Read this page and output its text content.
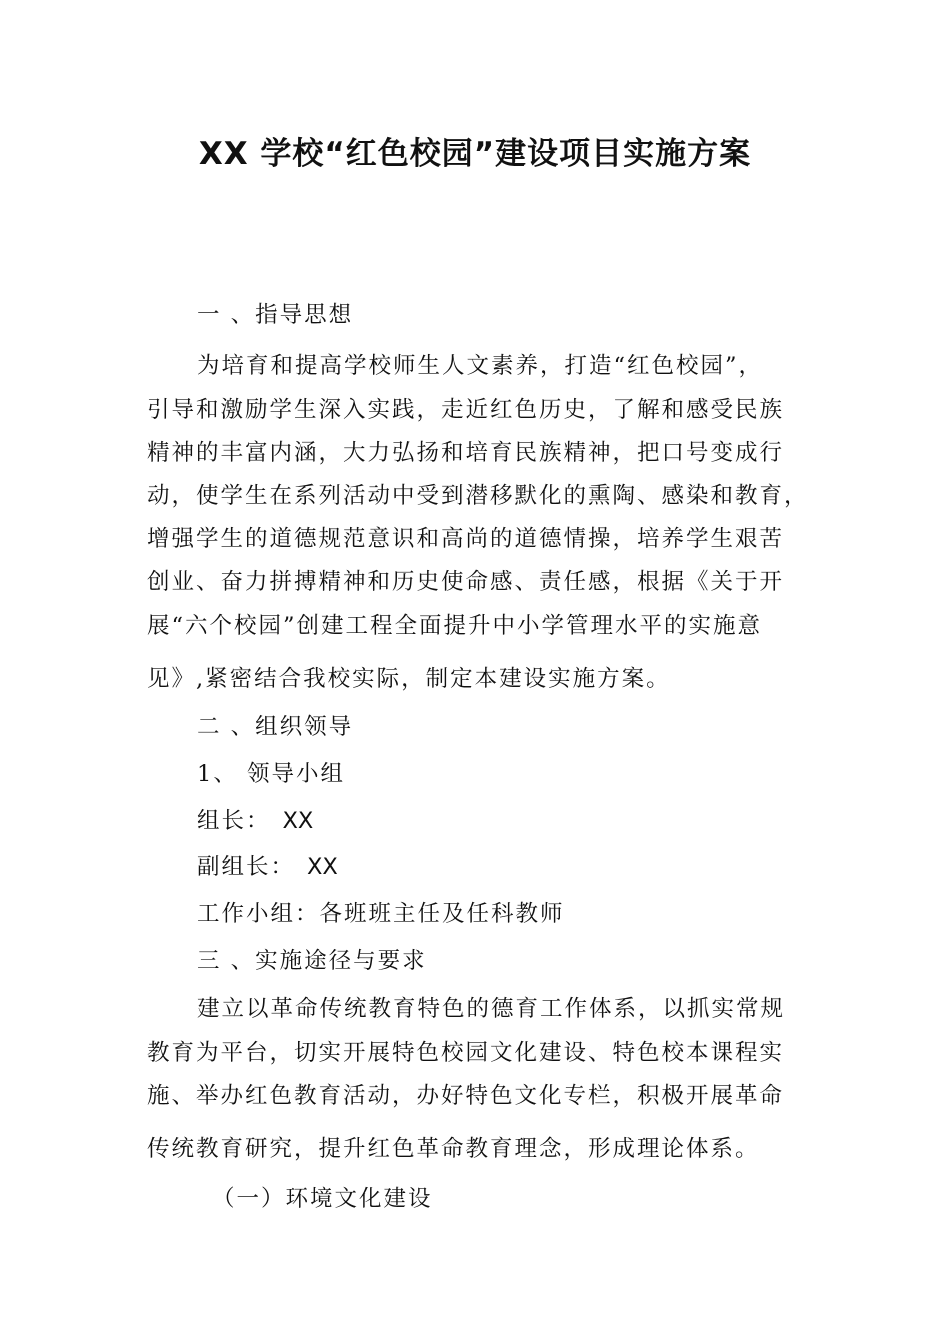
XX 学校“红色校园”建设项目实施方案
一 、指导思想
为培育和提高学校师生人文素养，打造“红色校园”，
引导和激励学生深入实践，走近红色历史，了解和感受民族
精神的丰富内涵，大力弘扬和培育民族精神，把口号变成行
动，使学生在系列活动中受到潜移默化的熏陶、感染和教育，
增强学生的道德规范意识和高尚的道德情操，培养学生艰苦
创业、奋力拼搏精神和历史使命感、责任感，根据《关于开
展“六个校园”创建工程全面提升中小学管理水平的实施意
见》,紧密结合我校实际，制定本建设实施方案。
二 、组织领导
1、 领导小组
组长： XX
副组长： XX
工作小组：各班班主任及任科教师
三 、实施途径与要求
建立以革命传统教育特色的德育工作体系，以抓实常规
教育为平台，切实开展特色校园文化建设、特色校本课程实
施、举办红色教育活动，办好特色文化专栏，积极开展革命
传统教育研究，提升红色革命教育理念，形成理论体系。
（一）环境文化建设
